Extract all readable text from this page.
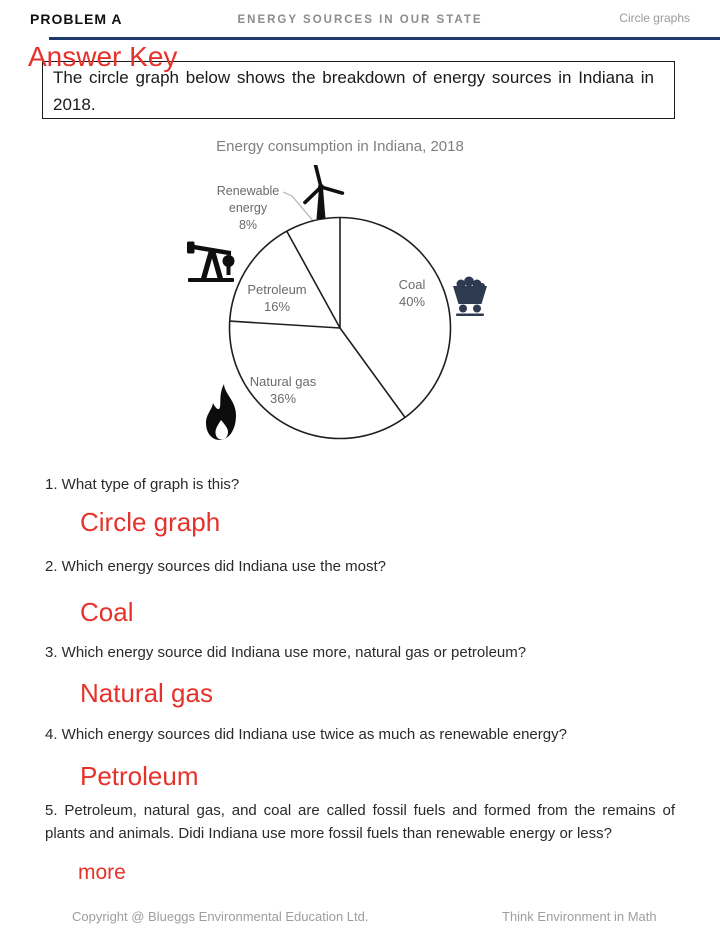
PROBLEM A	ENERGY SOURCES IN OUR STATE	Circle graphs
Answer Key
The circle graph below shows the breakdown of energy sources in Indiana in 2018.
Energy consumption in Indiana, 2018
Coal
40%
Natural gas
36%
Petroleum
16%
Renewable energy
8%
1. What type of graph is this?
Circle graph
2. Which energy sources did Indiana use the most?
Coal
3. Which energy source did Indiana use more, natural gas or petroleum?
Natural gas
4. Which energy sources did Indiana use twice as much as renewable energy?
Petroleum
5. Petroleum, natural gas, and coal are called fossil fuels and formed from the remains of plants and animals. Didi Indiana use more fossil fuels than renewable energy or less?
more
Copyright @ Blueggs Environmental Education Ltd.	Think Environment in Math
